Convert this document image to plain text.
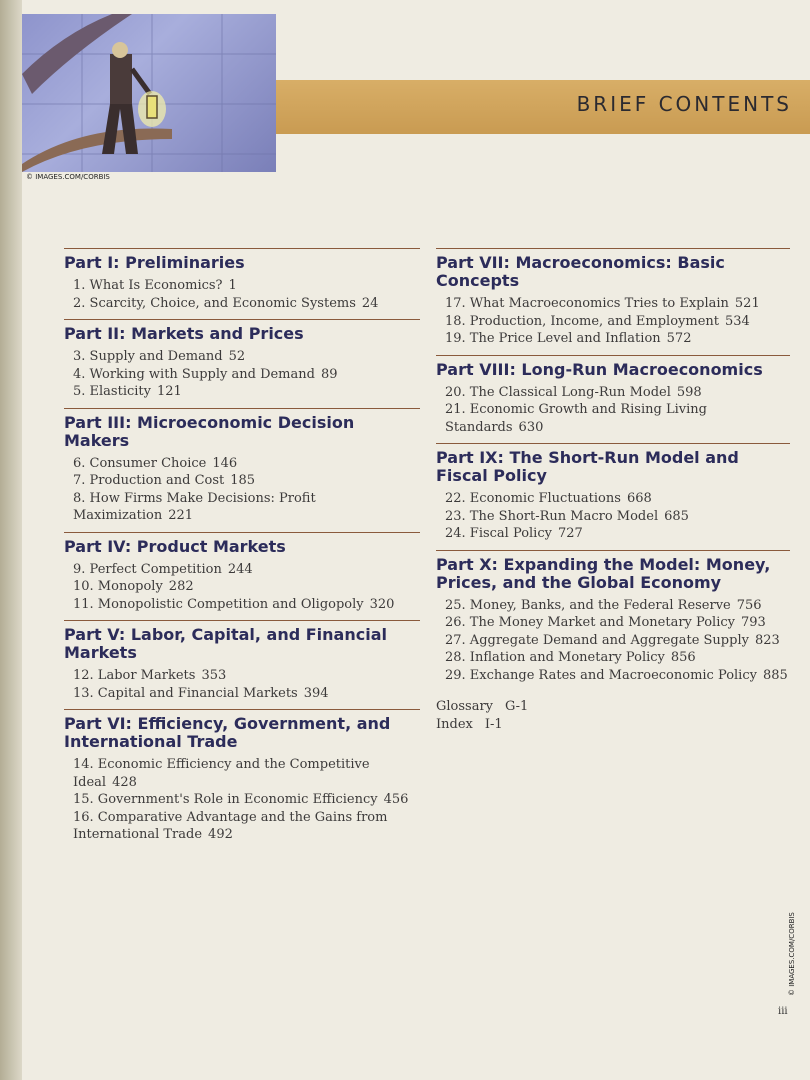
BRIEF CONTENTS
© IMAGES.COM/CORBIS
© IMAGES.COM/CORBIS
iii
Part I: Preliminaries
1. What Is Economics? 1
2. Scarcity, Choice, and Economic Systems 24
Part II: Markets and Prices
3. Supply and Demand 52
4. Working with Supply and Demand 89
5. Elasticity 121
Part III: Microeconomic Decision Makers
6. Consumer Choice 146
7. Production and Cost 185
8. How Firms Make Decisions: Profit Maximization 221
Part IV: Product Markets
9. Perfect Competition 244
10. Monopoly 282
11. Monopolistic Competition and Oligopoly 320
Part V: Labor, Capital, and Financial Markets
12. Labor Markets 353
13. Capital and Financial Markets 394
Part VI: Efficiency, Government, and International Trade
14. Economic Efficiency and the Competitive Ideal 428
15. Government's Role in Economic Efficiency 456
16. Comparative Advantage and the Gains from International Trade 492
Part VII: Macroeconomics: Basic Concepts
17. What Macroeconomics Tries to Explain 521
18. Production, Income, and Employment 534
19. The Price Level and Inflation 572
Part VIII: Long-Run Macroeconomics
20. The Classical Long-Run Model 598
21. Economic Growth and Rising Living Standards 630
Part IX: The Short-Run Model and Fiscal Policy
22. Economic Fluctuations 668
23. The Short-Run Macro Model 685
24. Fiscal Policy 727
Part X: Expanding the Model: Money, Prices, and the Global Economy
25. Money, Banks, and the Federal Reserve 756
26. The Money Market and Monetary Policy 793
27. Aggregate Demand and Aggregate Supply 823
28. Inflation and Monetary Policy 856
29. Exchange Rates and Macroeconomic Policy 885
Glossary G-1
Index I-1
